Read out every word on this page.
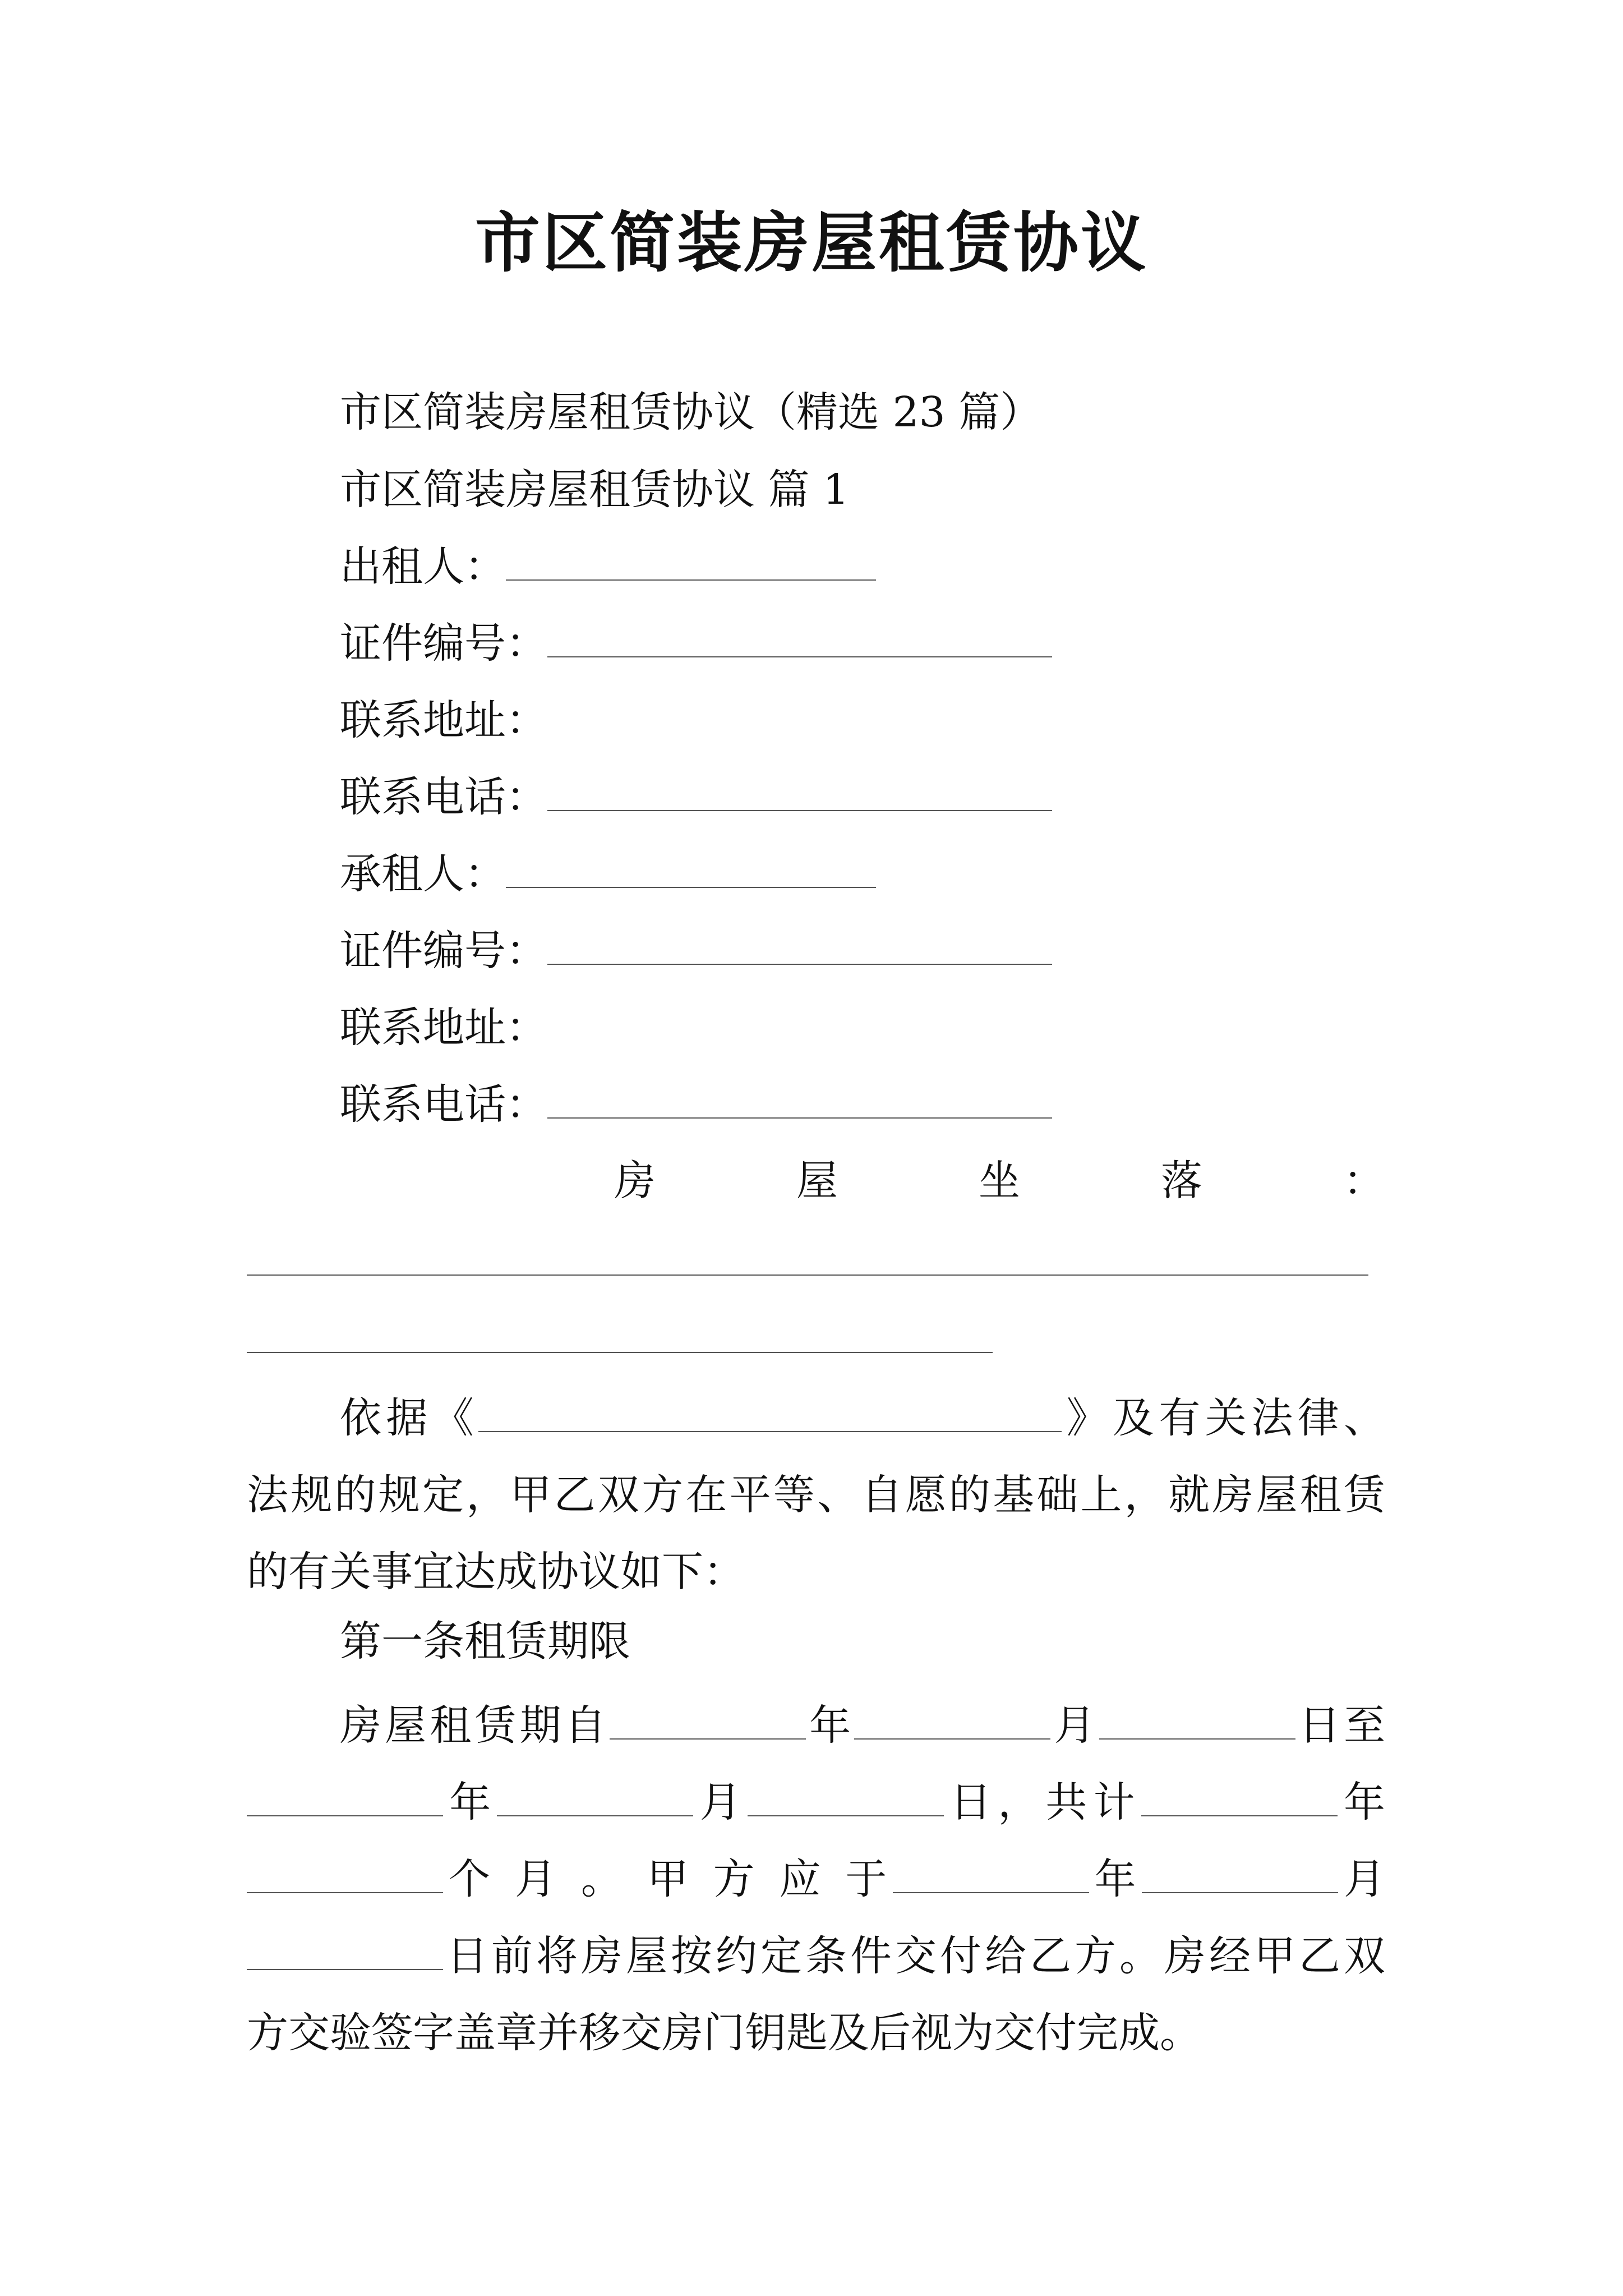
市区简装房屋租赁协议
市区简装房屋租赁协议（精选 23 篇）
市区简装房屋租赁协议 篇 1
出租人：
证件编号：
联系地址：
联系电话：
承租人：
证件编号：
联系地址：
联系电话：
房	屋	坐	落	：
依据《	》及有关法律、
法规的规定，甲乙双方在平等、自愿的基础上，就房屋租赁
的有关事宜达成协议如下：
第一条租赁期限
房屋租赁期自	年	月	日至
年	月	日，共计	年
个 月 。 甲 方 应 于	年	月
日前将房屋按约定条件交付给乙方。房经甲乙双
方交验签字盖章并移交房门钥匙及后视为交付完成。
